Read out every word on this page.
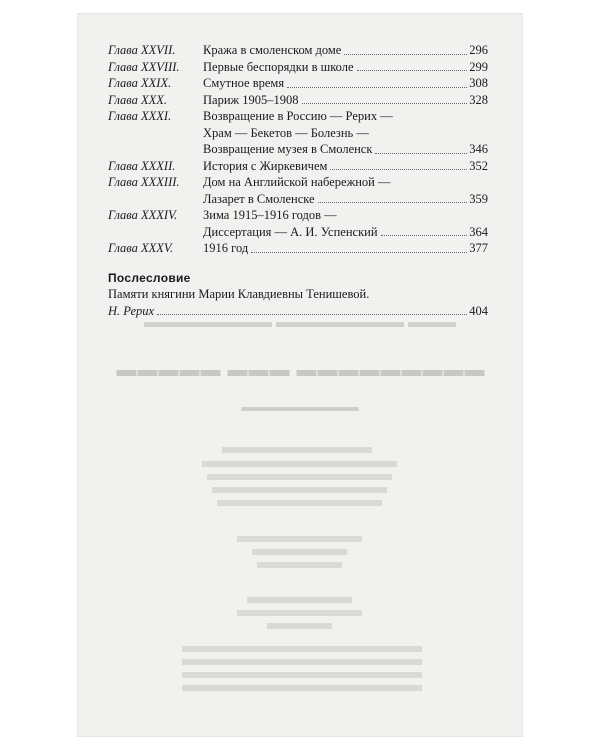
▬▬▬ ▬▬▬▬▬▬▬▬ ▬▬▬▬▬▬▬▬
▬▬▬▬▬▬▬▬▬ ▬▬▬ ▬▬▬▬▬
▬▬▬▬▬▬▬▬▬
Глава XXVII.	Кража в смоленском доме	296
Глава XXVIII.	Первые беспорядки в школе	299
Глава XXIX.	Смутное время	308
Глава XXX.	Париж 1905–1908	328
Глава XXXI.	Возвращение в Россию — Рерих —
Храм — Бекетов — Болезнь —
Возвращение музея в Смоленск	346
Глава XXXII.	История с Жиркевичем	352
Глава XXXIII.	Дом на Английской набережной —
Лазарет в Смоленске	359
Глава XXXIV.	Зима 1915–1916 годов —
Диссертация — А. И. Успенский	364
Глава XXXV.	1916 год	377
Послесловие
Памяти княгини Марии Клавдиевны Тенишевой.
Н. Рерих	404
